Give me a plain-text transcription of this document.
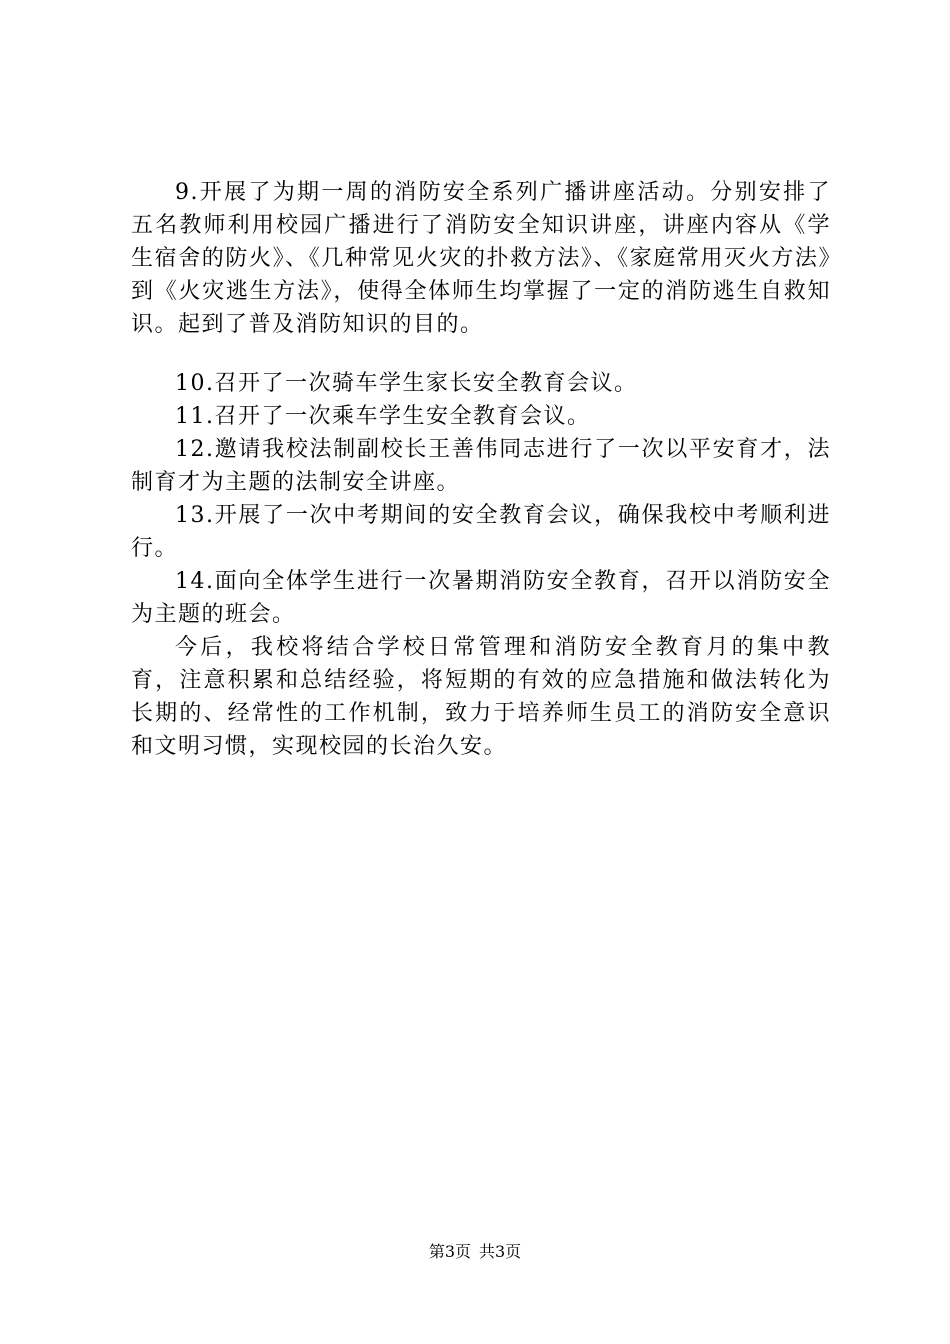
9.开展了为期一周的消防安全系列广播讲座活动。分别安排了五名教师利用校园广播进行了消防安全知识讲座，讲座内容从《学生宿舍的防火》、《几种常见火灾的扑救方法》、《家庭常用灭火方法》到《火灾逃生方法》，使得全体师生均掌握了一定的消防逃生自救知识。起到了普及消防知识的目的。

10.召开了一次骑车学生家长安全教育会议。

11.召开了一次乘车学生安全教育会议。

12.邀请我校法制副校长王善伟同志进行了一次以平安育才，法制育才为主题的法制安全讲座。

13.开展了一次中考期间的安全教育会议，确保我校中考顺利进行。

14.面向全体学生进行一次暑期消防安全教育，召开以消防安全为主题的班会。

今后，我校将结合学校日常管理和消防安全教育月的集中教育，注意积累和总结经验，将短期的有效的应急措施和做法转化为长期的、经常性的工作机制，致力于培养师生员工的消防安全意识和文明习惯，实现校园的长治久安。

第3页 共3页
